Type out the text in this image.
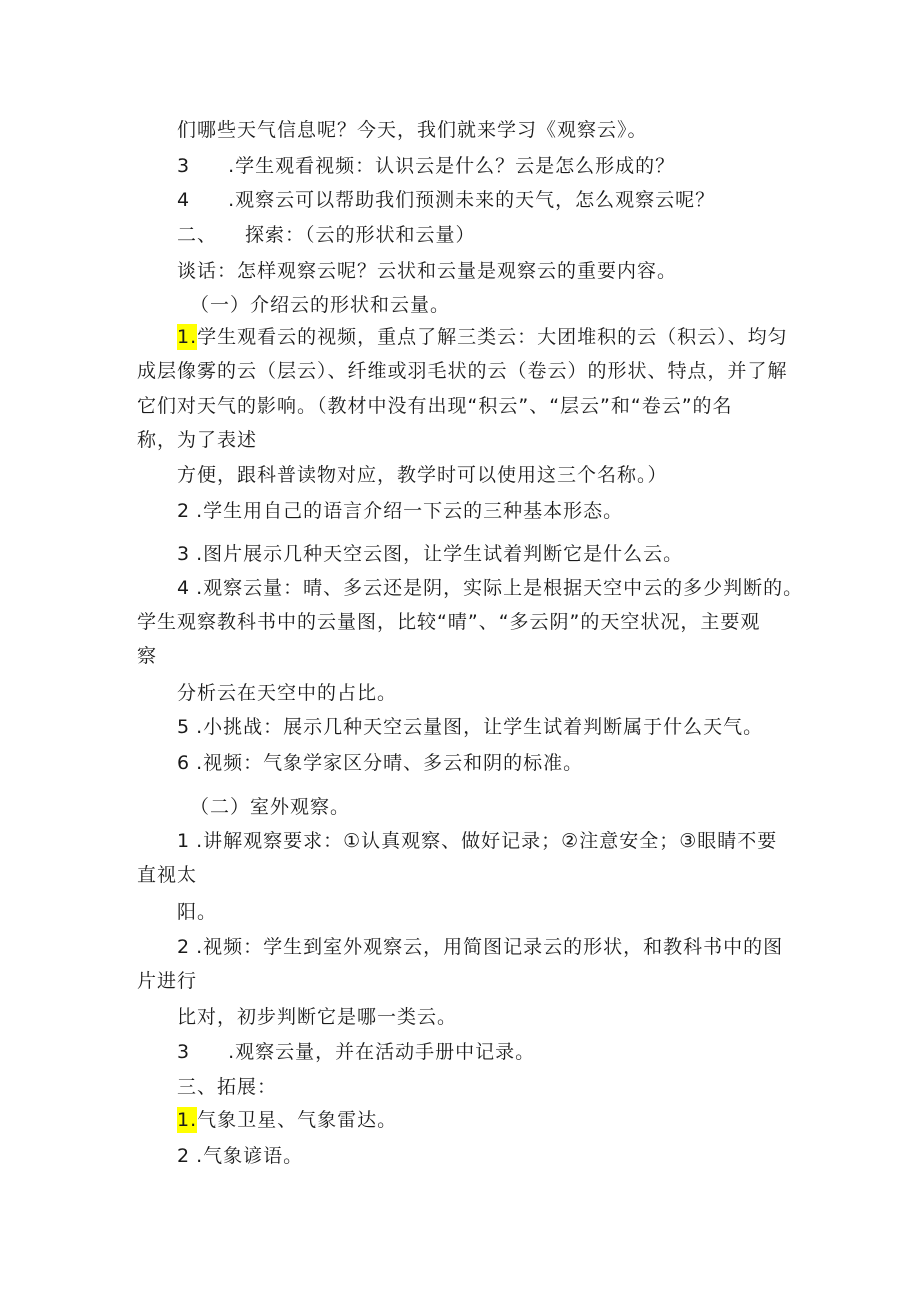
们哪些天气信息呢？今天，我们就来学习《观察云》。
3 .学生观看视频：认识云是什么？云是怎么形成的？
4 .观察云可以帮助我们预测未来的天气，怎么观察云呢？
二、 探索：（云的形状和云量）
谈话：怎样观察云呢？云状和云量是观察云的重要内容。
（一）介绍云的形状和云量。
1.学生观看云的视频，重点了解三类云：大团堆积的云（积云）、均匀
成层像雾的云（层云）、纤维或羽毛状的云（卷云）的形状、特点，并了解
它们对天气的影响。（教材中没有出现“积云”、“层云”和“卷云”的名
称，为了表述
方便，跟科普读物对应，教学时可以使用这三个名称。）
2 .学生用自己的语言介绍一下云的三种基本形态。
3 .图片展示几种天空云图，让学生试着判断它是什么云。
4 .观察云量：晴、多云还是阴，实际上是根据天空中云的多少判断的。
学生观察教科书中的云量图，比较“晴”、“多云阴”的天空状况，主要观
察
分析云在天空中的占比。
5 .小挑战：展示几种天空云量图，让学生试着判断属于什么天气。
6 .视频：气象学家区分晴、多云和阴的标准。
（二）室外观察。
1 .讲解观察要求：①认真观察、做好记录；②注意安全；③眼睛不要
直视太
阳。
2 .视频：学生到室外观察云，用简图记录云的形状，和教科书中的图
片进行
比对，初步判断它是哪一类云。
3 .观察云量，并在活动手册中记录。
三、拓展：
1.气象卫星、气象雷达。
2 .气象谚语。
